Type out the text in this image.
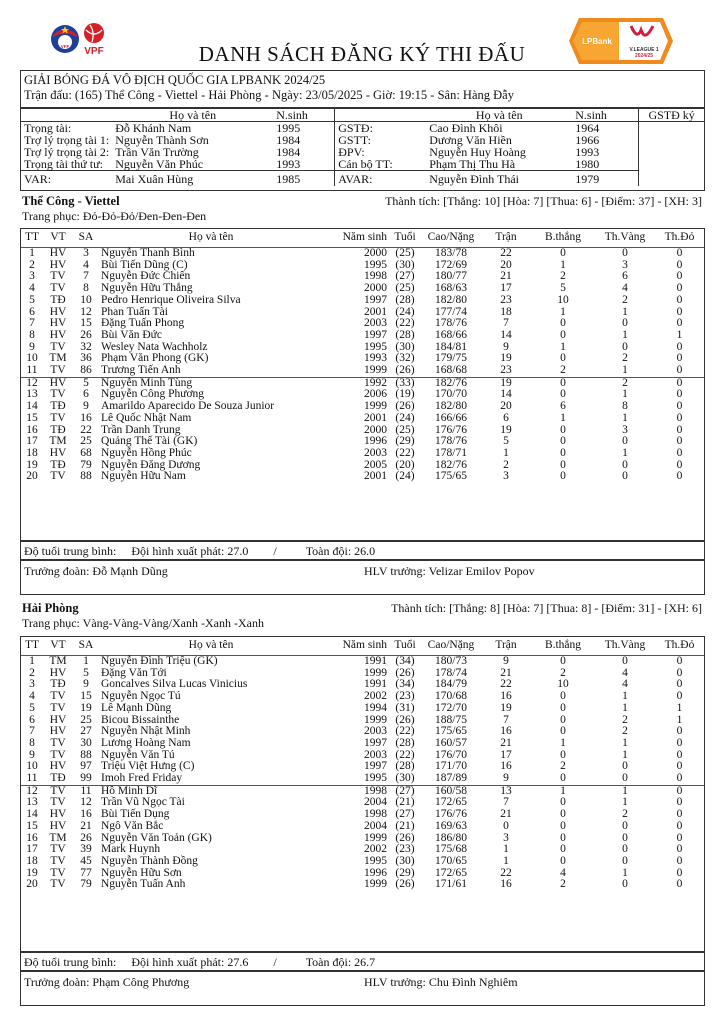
VFF VPF	DANH SÁCH ĐĂNG KÝ THI ĐẤU
LPBank
V.LEAGUE 1
2024/25
GIẢI BÓNG ĐÁ VÔ ĐỊCH QUỐC GIA LPBANK 2024/25
Trận đấu: (165) Thể Công - Viettel - Hải Phòng - Ngày: 23/05/2025 - Giờ: 19:15 - Sân: Hàng Đẫy
	Họ và tên	N.sinh		Họ và tên	N.sinh	GSTĐ ký
Trọng tài:	Đỗ Khánh Nam	1995	GSTĐ:	Cao Đình Khôi	1964	
Trợ lý trọng tài 1:	Nguyễn Thành Sơn	1984	GSTT:	Dương Văn Hiền	1966	
Trợ lý trọng tài 2:	Trần Văn Trường	1984	ĐPV:	Nguyễn Huy Hoàng	1993	
Trọng tài thứ tư:	Nguyễn Văn Phúc	1993	Cán bộ TT:	Phạm Thị Thu Hà	1980	
VAR:	Mai Xuân Hùng	1985	AVAR:	Nguyễn Đình Thái	1979	
Thể Công - Viettel	Thành tích: [Thắng: 10] [Hòa: 7] [Thua: 6] - [Điểm: 37] - [XH: 3]
Trang phục: Đỏ-Đỏ-Đỏ/Đen-Đen-Đen
TT	VT	SA	Họ và tên	Năm sinh	Tuổi	Cao/Nặng	Trận	B.thắng	Th.Vàng	Th.Đỏ
1	HV	3	Nguyễn Thanh Bình	2000	(25)	183/78	22	0	0	0
2	HV	4	Bùi Tiến Dũng (C)	1995	(30)	172/69	20	1	3	0
3	TV	7	Nguyễn Đức Chiến	1998	(27)	180/77	21	2	6	0
4	TV	8	Nguyễn Hữu Thắng	2000	(25)	168/63	17	5	4	0
5	TĐ	10	Pedro Henrique Oliveira Silva	1997	(28)	182/80	23	10	2	0
6	HV	12	Phan Tuấn Tài	2001	(24)	177/74	18	1	1	0
7	HV	15	Đặng Tuấn Phong	2003	(22)	178/76	7	0	0	0
8	HV	26	Bùi Văn Đức	1997	(28)	168/66	14	0	1	1
9	TV	32	Wesley Nata Wachholz	1995	(30)	184/81	9	1	0	0
10	TM	36	Phạm Văn Phong (GK)	1993	(32)	179/75	19	0	2	0
11	TV	86	Trương Tiến Anh	1999	(26)	168/68	23	2	1	0
12	HV	5	Nguyễn Minh Tùng	1992	(33)	182/76	19	0	2	0
13	TV	6	Nguyễn Công Phương	2006	(19)	170/70	14	0	1	0
14	TĐ	9	Amarildo Aparecido De Souza Junior	1999	(26)	182/80	20	6	8	0
15	TV	16	Lê Quốc Nhật Nam	2001	(24)	166/66	6	1	1	0
16	TĐ	22	Trần Danh Trung	2000	(25)	176/76	19	0	3	0
17	TM	25	Quảng Thế Tài (GK)	1996	(29)	178/76	5	0	0	0
18	HV	68	Nguyễn Hồng Phúc	2003	(22)	178/71	1	0	1	0
19	TĐ	79	Nguyễn Đăng Dương	2005	(20)	182/76	2	0	0	0
20	TV	88	Nguyễn Hữu Nam	2001	(24)	175/65	3	0	0	0
Độ tuổi trung bình: Đội hình xuất phát: 27.0 / Toàn đội: 26.0
Trưởng đoàn: Đỗ Mạnh Dũng	HLV trưởng: Velizar Emilov Popov
Hải Phòng	Thành tích: [Thắng: 8] [Hòa: 7] [Thua: 8] - [Điểm: 31] - [XH: 6]
Trang phục: Vàng-Vàng-Vàng/Xanh -Xanh -Xanh
TT	VT	SA	Họ và tên	Năm sinh	Tuổi	Cao/Nặng	Trận	B.thắng	Th.Vàng	Th.Đỏ
1	TM	1	Nguyễn Đình Triệu (GK)	1991	(34)	180/73	9	0	0	0
2	HV	5	Đặng Văn Tới	1999	(26)	178/74	21	2	4	0
3	TĐ	9	Goncalves Silva Lucas Vinicius	1991	(34)	184/79	22	10	4	0
4	TV	15	Nguyễn Ngọc Tú	2002	(23)	170/68	16	0	1	0
5	TV	19	Lê Mạnh Dũng	1994	(31)	172/70	19	0	1	1
6	HV	25	Bicou Bissainthe	1999	(26)	188/75	7	0	2	1
7	HV	27	Nguyễn Nhật Minh	2003	(22)	175/65	16	0	2	0
8	TV	30	Lương Hoàng Nam	1997	(28)	160/57	21	1	1	0
9	TV	88	Nguyễn Văn Tú	2003	(22)	176/70	17	0	1	0
10	HV	97	Triệu Việt Hưng (C)	1997	(28)	171/70	16	2	0	0
11	TĐ	99	Imoh Fred Friday	1995	(30)	187/89	9	0	0	0
12	TV	11	Hồ Minh Dĩ	1998	(27)	160/58	13	1	1	0
13	TV	12	Trần Vũ Ngọc Tài	2004	(21)	172/65	7	0	1	0
14	HV	16	Bùi Tiến Dụng	1998	(27)	176/76	21	0	2	0
15	HV	21	Ngô Văn Bắc	2004	(21)	169/63	0	0	0	0
16	TM	26	Nguyễn Văn Toản (GK)	1999	(26)	186/80	3	0	0	0
17	TV	39	Mark Huynh	2002	(23)	175/68	1	0	0	0
18	TV	45	Nguyễn Thành Đồng	1995	(30)	170/65	1	0	0	0
19	TV	77	Nguyễn Hữu Sơn	1996	(29)	172/65	22	4	1	0
20	TV	79	Nguyễn Tuấn Anh	1999	(26)	171/61	16	2	0	0
Độ tuổi trung bình: Đội hình xuất phát: 27.6 / Toàn đội: 26.7
Trưởng đoàn: Phạm Công Phương	HLV trưởng: Chu Đình Nghiêm
